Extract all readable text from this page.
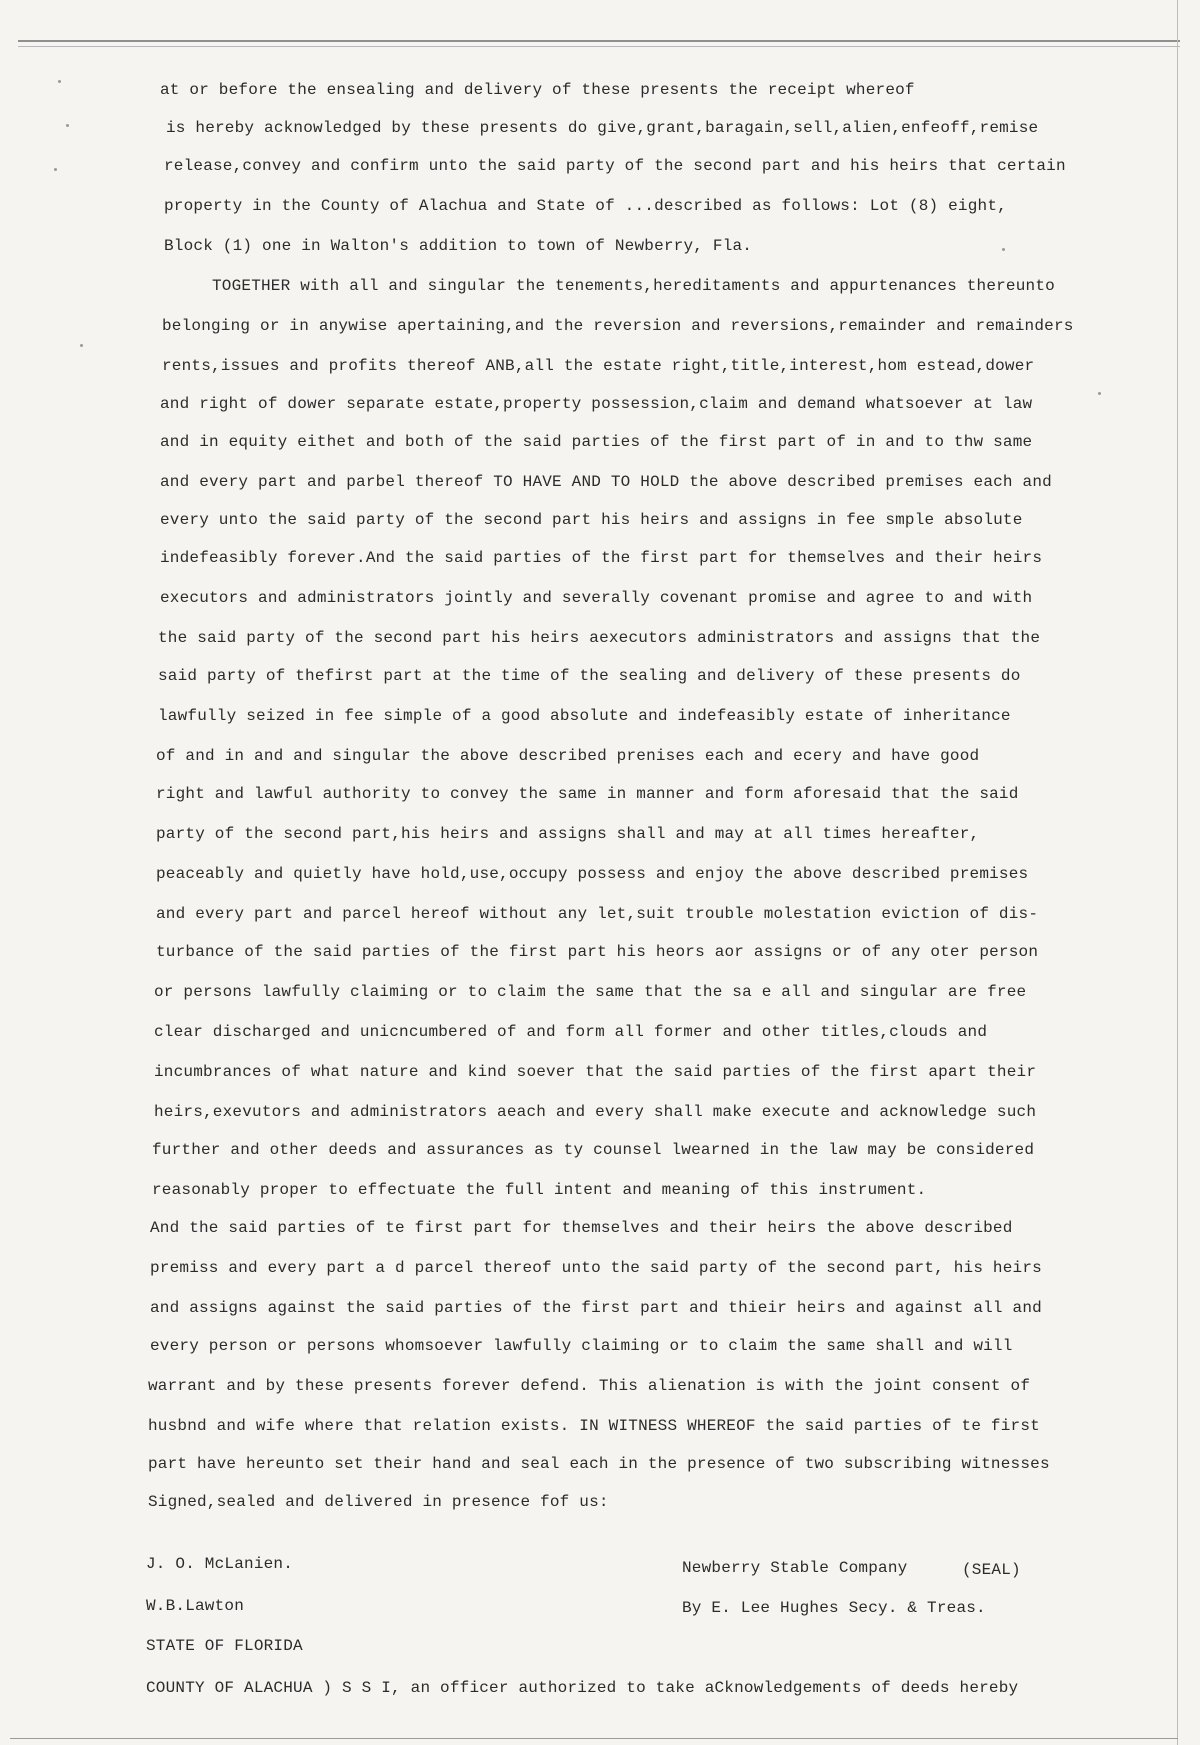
at or before the ensealing and delivery of these presents the receipt whereof
is hereby acknowledged by these presents do give,grant,baragain,sell,alien,enfeoff,remise
release,convey and confirm unto the said party of the second part and his heirs that certain
property in the County of Alachua and State of ...described as follows: Lot (8) eight,
Block (1) one in Walton's addition to town of Newberry, Fla.
TOGETHER with all and singular the tenements,hereditaments and appurtenances thereunto
belonging or in anywise apertaining,and the reversion and reversions,remainder and remainders
rents,issues and profits thereof ANB,all the estate right,title,interest,hom estead,dower
and right of dower separate estate,property possession,claim and demand whatsoever at law
and in equity eithet and both of the said parties of the first part of in and to thw same
and every part and parbel thereof TO HAVE AND TO HOLD the above described premises each and
every unto the said party of the second part his heirs and assigns in fee smple absolute
indefeasibly forever.And the said parties of the first part for themselves and their heirs
executors and administrators jointly and severally covenant promise and agree to and with
the said party of the second part his heirs aexecutors administrators and assigns that the
said party of thefirst part at the time of the sealing and delivery of these presents do
lawfully seized in fee simple of a good absolute and indefeasibly estate of inheritance
of and in and and singular the above described prenises each and ecery and have good
right and lawful authority to convey the same in manner and form aforesaid that the said
party of the second part,his heirs and assigns shall and may at all times hereafter,
peaceably and quietly have hold,use,occupy possess and enjoy the above described premises
and every part and parcel hereof without any let,suit trouble molestation eviction of dis-
turbance of the said parties of the first part his heors aor assigns or of any oter person
or persons lawfully claiming or to claim the same that the sa e all and singular are free
clear discharged and unicncumbered of and form all former and other titles,clouds and
incumbrances of what nature and kind soever that the said parties of the first apart their
heirs,exevutors and administrators aeach and every shall make execute and acknowledge such
further and other deeds and assurances as ty counsel lwearned in the law may be considered
reasonably proper to effectuate the full intent and meaning of this instrument.
And the said parties of te first part for themselves and their heirs the above described
premiss and every part a d parcel thereof unto the said party of the second part, his heirs
and assigns against the said parties of the first part and thieir heirs and against all and
every person or persons whomsoever lawfully claiming or to claim the same shall and will
warrant and by these presents forever defend. This alienation is with the joint consent of
husbnd and wife where that relation exists. IN WITNESS WHEREOF the said parties of te first
part have hereunto set their hand and seal each in the presence of two subscribing witnesses
Signed,sealed and delivered in presence fof us:
J. O. McLanien.
W.B.Lawton
Newberry Stable Company	(SEAL)
By E. Lee Hughes Secy. & Treas.
STATE OF FLORIDA
COUNTY OF ALACHUA ) S S I, an officer authorized to take aCknowledgements of deeds hereby
